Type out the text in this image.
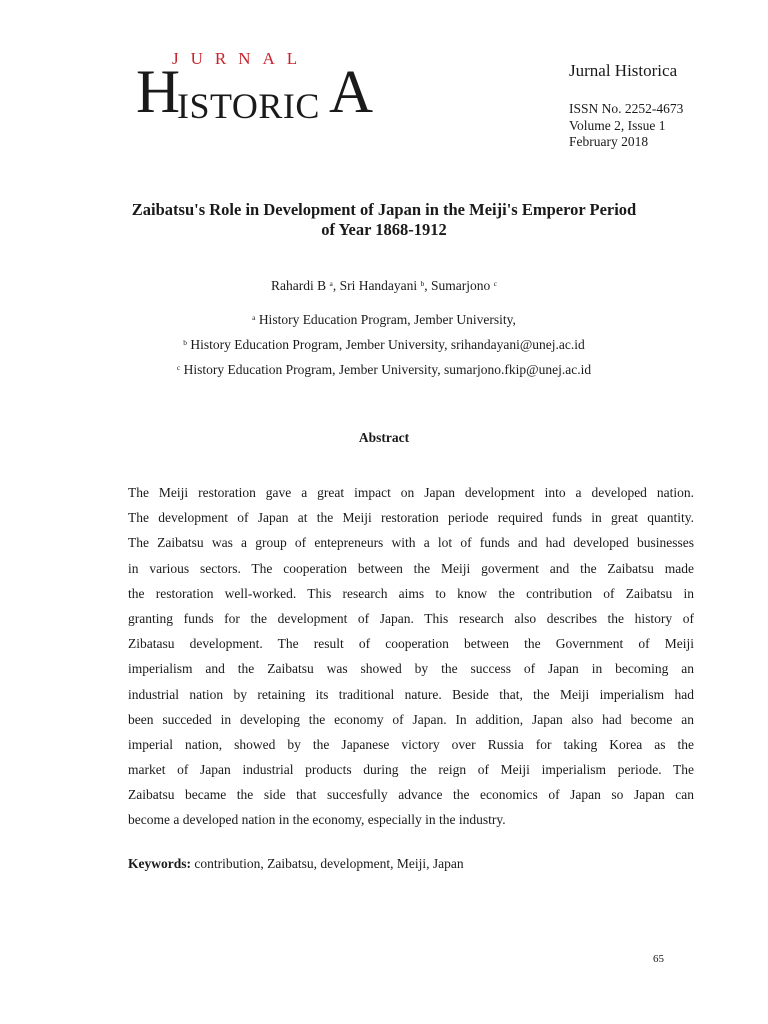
JURNAL
H
ISTORIC A	Jurnal Historica
ISSN No. 2252-4673
Volume 2, Issue 1
February 2018
Zaibatsu's Role in Development of Japan in the Meiji's Emperor Period
of Year 1868-1912
Rahardi B $^a$, Sri Handayani $^b$, Sumarjono $^c$
$^a$ History Education Program, Jember University,
$^b$ History Education Program, Jember University, srihandayani@unej.ac.id
$^c$ History Education Program, Jember University, sumarjono.fkip@unej.ac.id
Abstract
The Meiji restoration gave a great impact on Japan development into a developed nation.
The development of Japan at the Meiji restoration periode required funds in great quantity.
The Zaibatsu was a group of entepreneurs with a lot of funds and had developed businesses
in various sectors. The cooperation between the Meiji goverment and the Zaibatsu made
the restoration well-worked. This research aims to know the contribution of Zaibatsu in
granting funds for the development of Japan. This research also describes the history of
Zibatasu development. The result of cooperation between the Government of Meiji
imperialism and the Zaibatsu was showed by the success of Japan in becoming an
industrial nation by retaining its traditional nature. Beside that, the Meiji imperialism had
been succeded in developing the economy of Japan. In addition, Japan also had become an
imperial nation, showed by the Japanese victory over Russia for taking Korea as the
market of Japan industrial products during the reign of Meiji imperialism periode. The
Zaibatsu became the side that succesfully advance the economics of Japan so Japan can
become a developed nation in the economy, especially in the industry.
Keywords: contribution, Zaibatsu, development, Meiji, Japan
65
